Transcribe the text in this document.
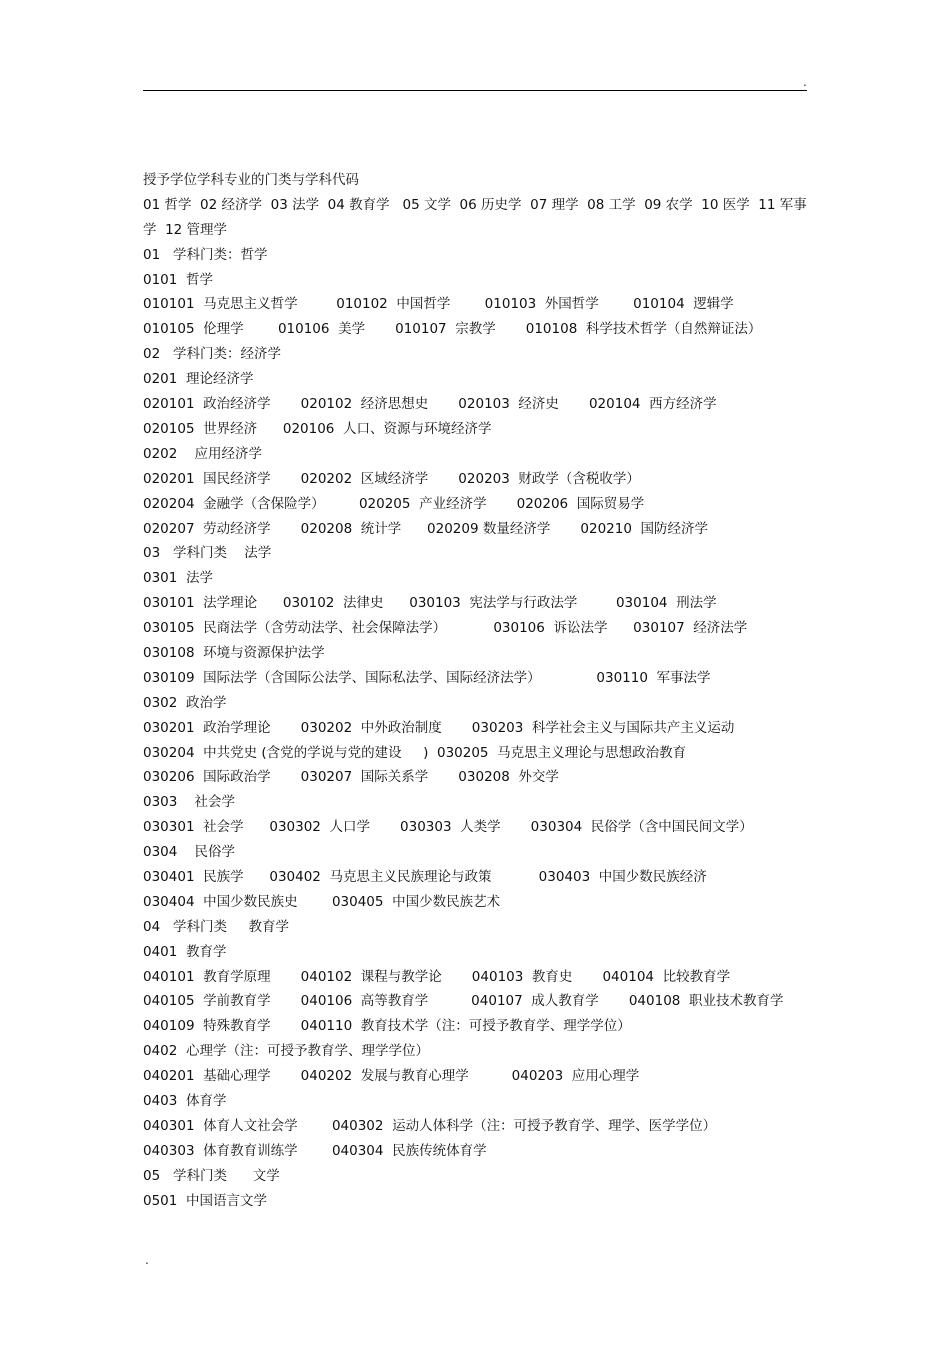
.
授予学位学科专业的门类与学科代码
01 哲学  02 经济学  03 法学  04 教育学   05 文学  06 历史学  07 理学  08 工学  09 农学  10 医学  11 军事学  12 管理学
01   学科门类：哲学
0101  哲学
010101  马克思主义哲学         010102  中国哲学        010103  外国哲学        010104  逻辑学
010105  伦理学        010106  美学       010107  宗教学       010108  科学技术哲学（自然辩证法）
02   学科门类：经济学
0201  理论经济学
020101  政治经济学       020102  经济思想史       020103  经济史       020104  西方经济学
020105  世界经济      020106  人口、资源与环境经济学
0202    应用经济学
020201  国民经济学       020202  区域经济学       020203  财政学（含税收学）
020204  金融学（含保险学）        020205  产业经济学       020206  国际贸易学
020207  劳动经济学       020208  统计学      020209 数量经济学       020210  国防经济学
03   学科门类    法学
0301  法学
030101  法学理论      030102  法律史      030103  宪法学与行政法学         030104  刑法学
030105  民商法学（含劳动法学、社会保障法学）           030106  诉讼法学      030107  经济法学
030108  环境与资源保护法学
030109  国际法学（含国际公法学、国际私法学、国际经济法学）             030110  军事法学
0302  政治学
030201  政治学理论       030202  中外政治制度       030203  科学社会主义与国际共产主义运动
030204  中共党史 (含党的学说与党的建设     )  030205  马克思主义理论与思想政治教育
030206  国际政治学       030207  国际关系学       030208  外交学
0303    社会学
030301  社会学      030302  人口学       030303  人类学       030304  民俗学（含中国民间文学）
0304    民俗学
030401  民族学      030402  马克思主义民族理论与政策           030403  中国少数民族经济
030404  中国少数民族史        030405  中国少数民族艺术
04   学科门类     教育学
0401  教育学
040101  教育学原理       040102  课程与教学论       040103  教育史       040104  比较教育学
040105  学前教育学       040106  高等教育学          040107  成人教育学       040108  职业技术教育学    040109  特殊教育学       040110  教育技术学（注：可授予教育学、理学学位）
0402  心理学（注：可授予教育学、理学学位）
040201  基础心理学       040202  发展与教育心理学          040203  应用心理学
0403  体育学
040301  体育人文社会学        040302  运动人体科学（注：可授予教育学、理学、医学学位）
040303  体育教育训练学        040304  民族传统体育学
05   学科门类      文学
0501  中国语言文学
.
